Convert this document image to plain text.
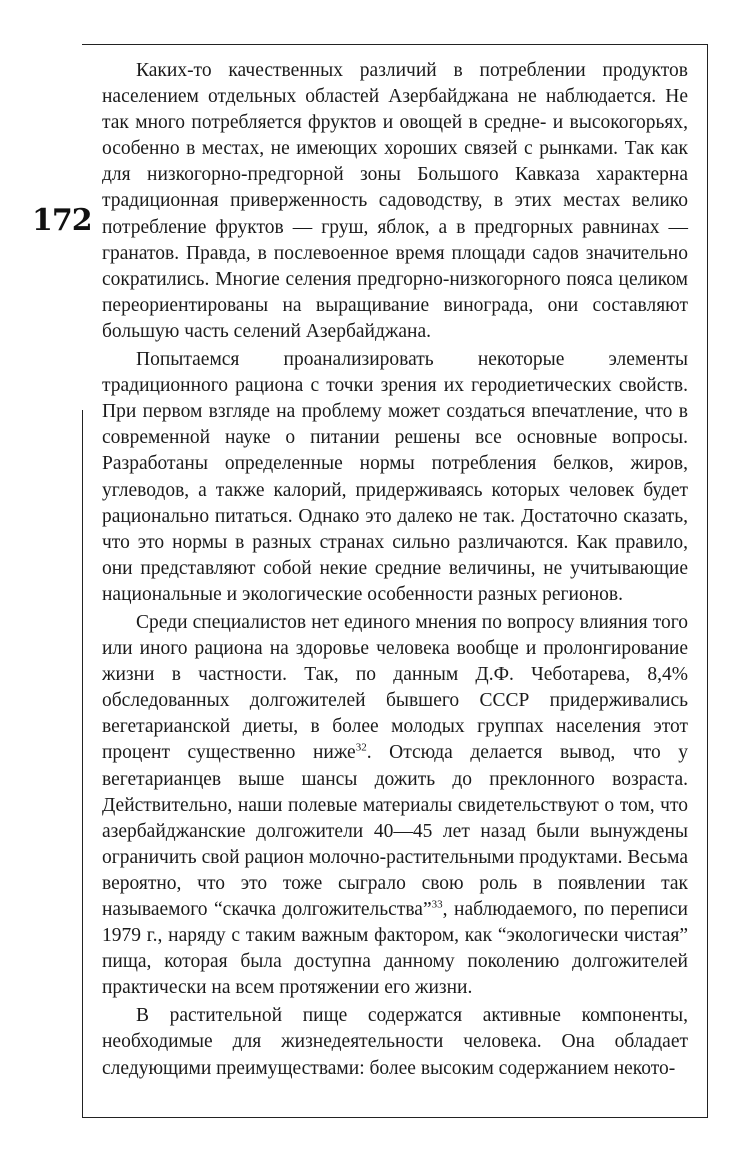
172

Каких-то качественных различий в потреблении продуктов населением отдельных областей Азербайджана не наблюдается. Не так много потребляется фруктов и овощей в средне- и высокогорьях, особенно в местах, не имеющих хороших связей с рынками. Так как для низкогорно-предгорной зоны Большого Кавказа характерна традиционная приверженность садоводству, в этих местах велико потребление фруктов — груш, яблок, а в предгорных равнинах — гранатов. Правда, в послевоенное время площади садов значительно сократились. Многие селения предгорно-низкогорного пояса целиком переориентированы на выращивание винограда, они составляют большую часть селений Азербайджана.

Попытаемся проанализировать некоторые элементы традиционного рациона с точки зрения их геродиетических свойств. При первом взгляде на проблему может создаться впечатление, что в современной науке о питании решены все основные вопросы. Разработаны определенные нормы потребления белков, жиров, углеводов, а также калорий, придерживаясь которых человек будет рационально питаться. Однако это далеко не так. Достаточно сказать, что это нормы в разных странах сильно различаются. Как правило, они представляют собой некие средние величины, не учитывающие национальные и экологические особенности разных регионов.

Среди специалистов нет единого мнения по вопросу влияния того или иного рациона на здоровье человека вообще и пролонгирование жизни в частности. Так, по данным Д.Ф. Чеботарева, 8,4% обследованных долгожителей бывшего СССР придерживались вегетарианской диеты, в более молодых группах населения этот процент существенно ниже$^{32}$. Отсюда делается вывод, что у вегетарианцев выше шансы дожить до преклонного возраста. Действительно, наши полевые материалы свидетельствуют о том, что азербайджанские долгожители 40—45 лет назад были вынуждены ограничить свой рацион молочно-растительными продуктами. Весьма вероятно, что это тоже сыграло свою роль в появлении так называемого “скачка долгожительства”$^{33}$, наблюдаемого, по переписи 1979 г., наряду с таким важным фактором, как “экологически чистая” пища, которая была доступна данному поколению долгожителей практически на всем протяжении его жизни.

В растительной пище содержатся активные компоненты, необходимые для жизнедеятельности человека. Она обладает следующими преимуществами: более высоким содержанием некото-
